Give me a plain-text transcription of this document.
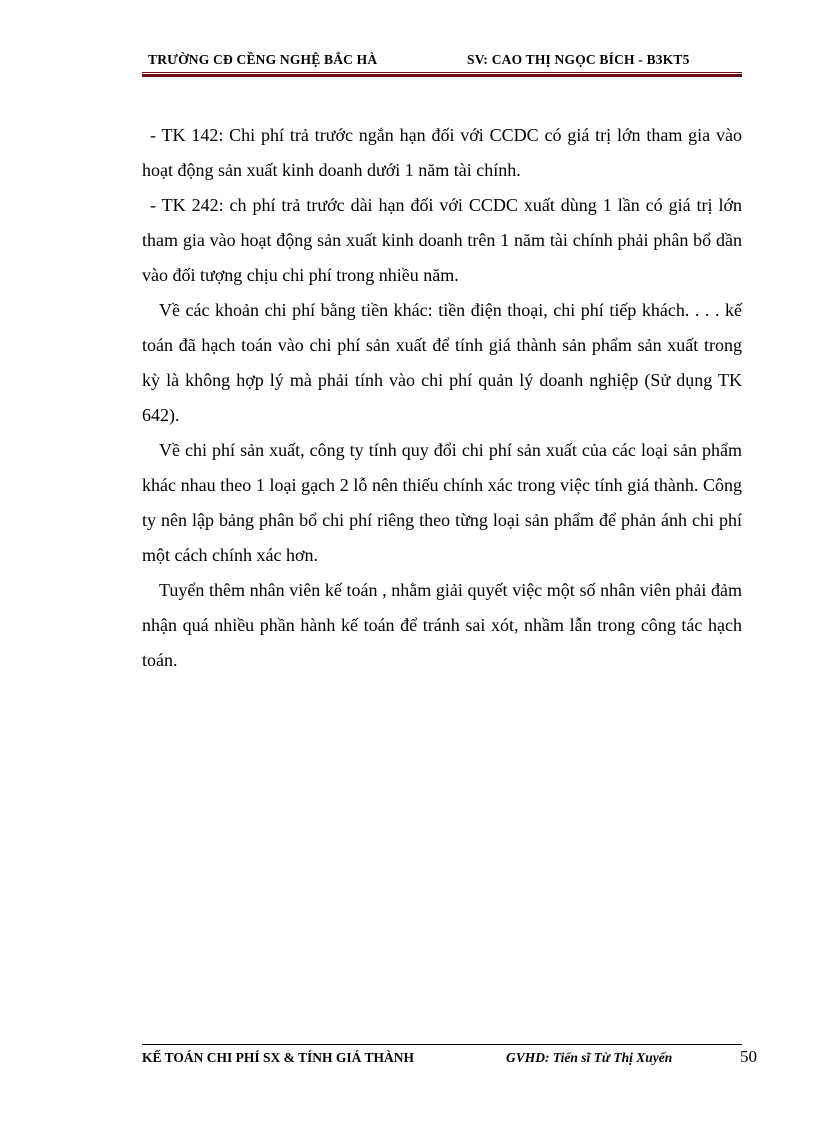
TRƯỜNG CĐ CỀNG NGHỆ BẮC HÀ	SV: CAO THỊ NGỌC BÍCH - B3KT5

- TK 142: Chi phí trả trước ngắn hạn đối với CCDC có giá trị lớn tham gia vào hoạt động sản xuất kinh doanh dưới 1 năm tài chính.

- TK 242: ch phí trả trước dài hạn đối với CCDC xuất dùng 1 lần có giá trị lớn tham gia vào hoạt động sản xuất kinh doanh trên 1 năm tài chính phải phân bổ dần vào đối tượng chịu chi phí trong nhiều năm.

Về các khoản chi phí bằng tiền khác: tiền điện thoại, chi phí tiếp khách. . . . kế toán đã hạch toán vào chi phí sản xuất để tính giá thành sản phẩm sản xuất trong kỳ là không hợp lý mà phải tính vào chi phí quản lý doanh nghiệp (Sử dụng TK 642).

Về chi phí sản xuất, công ty tính quy đổi chi phí sản xuất của các loại sản phẩm khác nhau theo 1 loại gạch 2 lỗ nên thiếu chính xác trong việc tính giá thành. Công ty nên lập bảng phân bổ chi phí riêng theo từng loại sản phẩm để phản ánh chi phí một cách chính xác hơn.

Tuyển thêm nhân viên kế toán , nhằm giải quyết việc một số nhân viên phải đảm nhận quá nhiều phần hành kế toán để tránh sai xót, nhầm lẫn trong công tác hạch toán.

KẾ TOÁN CHI PHÍ SX & TÍNH GIÁ THÀNH	GVHD: Tiến sĩ Từ Thị Xuyến	50
